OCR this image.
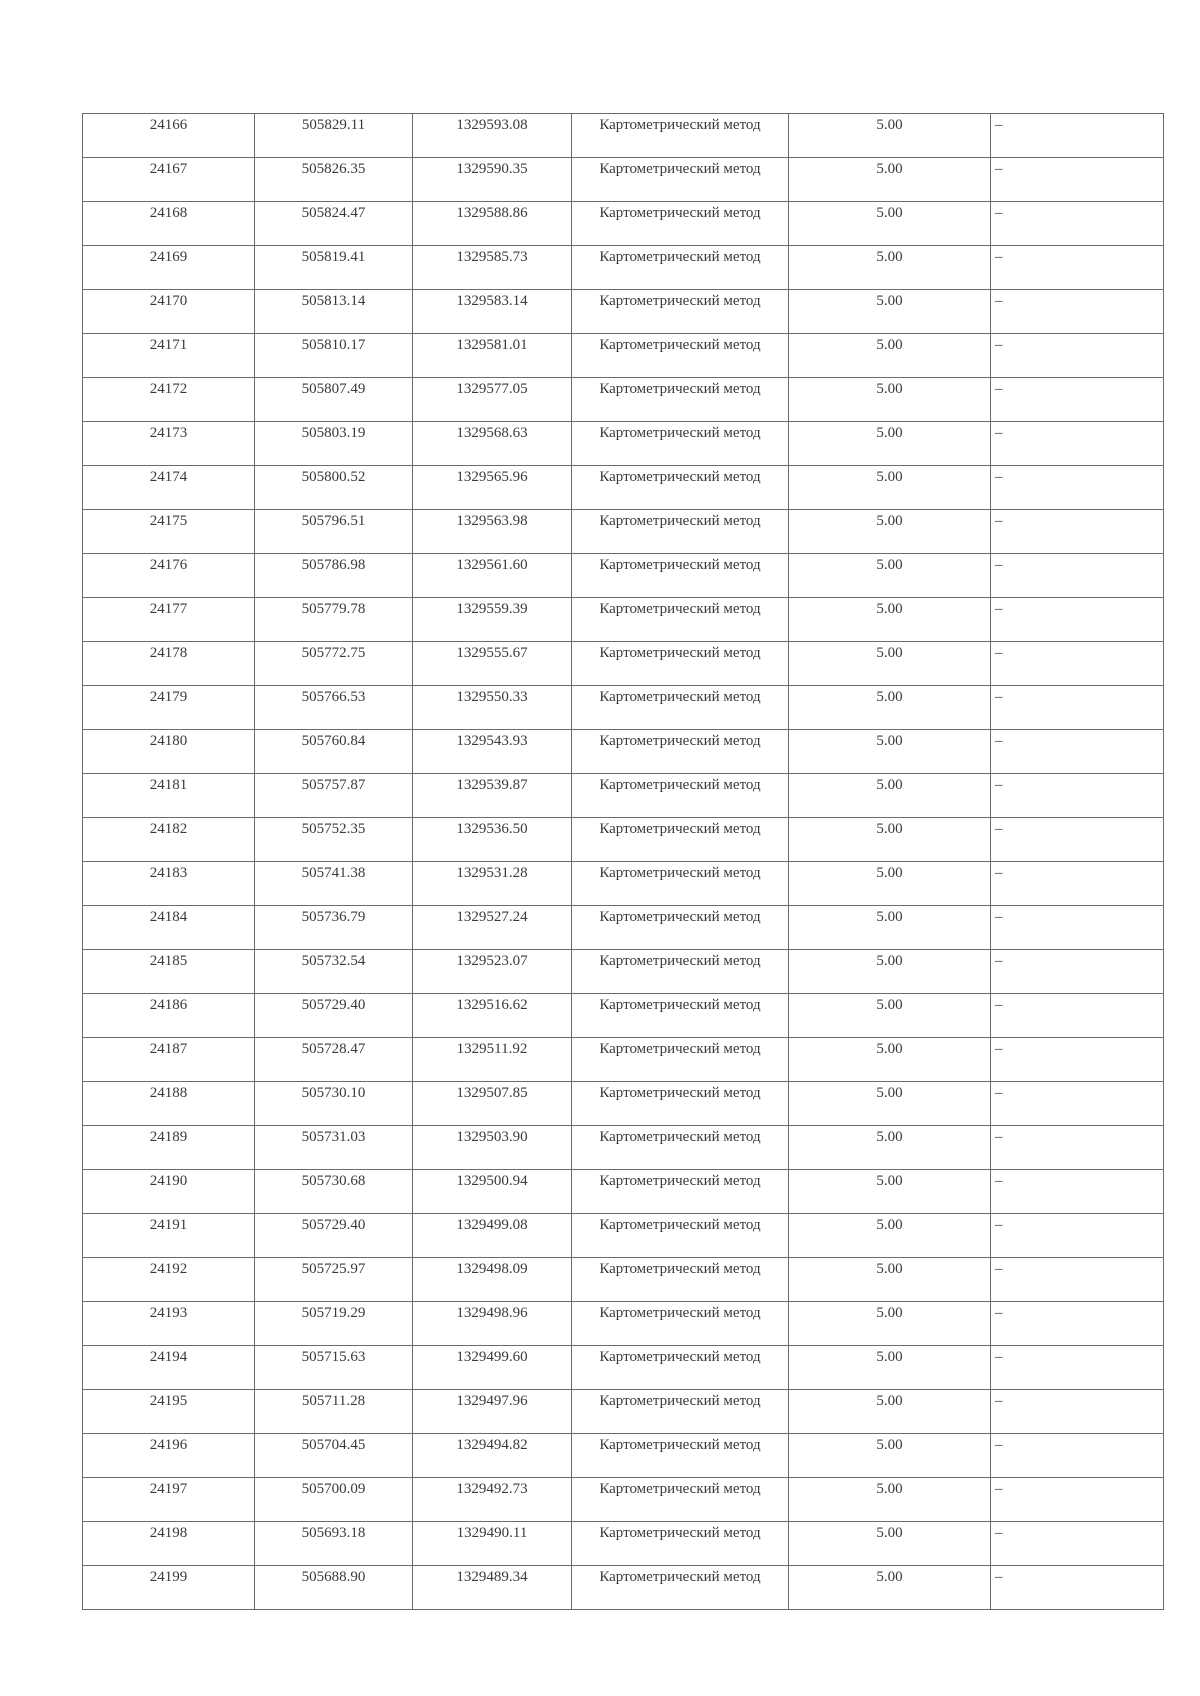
24166	505829.11	1329593.08	Картометрический метод	5.00	–
24167	505826.35	1329590.35	Картометрический метод	5.00	–
24168	505824.47	1329588.86	Картометрический метод	5.00	–
24169	505819.41	1329585.73	Картометрический метод	5.00	–
24170	505813.14	1329583.14	Картометрический метод	5.00	–
24171	505810.17	1329581.01	Картометрический метод	5.00	–
24172	505807.49	1329577.05	Картометрический метод	5.00	–
24173	505803.19	1329568.63	Картометрический метод	5.00	–
24174	505800.52	1329565.96	Картометрический метод	5.00	–
24175	505796.51	1329563.98	Картометрический метод	5.00	–
24176	505786.98	1329561.60	Картометрический метод	5.00	–
24177	505779.78	1329559.39	Картометрический метод	5.00	–
24178	505772.75	1329555.67	Картометрический метод	5.00	–
24179	505766.53	1329550.33	Картометрический метод	5.00	–
24180	505760.84	1329543.93	Картометрический метод	5.00	–
24181	505757.87	1329539.87	Картометрический метод	5.00	–
24182	505752.35	1329536.50	Картометрический метод	5.00	–
24183	505741.38	1329531.28	Картометрический метод	5.00	–
24184	505736.79	1329527.24	Картометрический метод	5.00	–
24185	505732.54	1329523.07	Картометрический метод	5.00	–
24186	505729.40	1329516.62	Картометрический метод	5.00	–
24187	505728.47	1329511.92	Картометрический метод	5.00	–
24188	505730.10	1329507.85	Картометрический метод	5.00	–
24189	505731.03	1329503.90	Картометрический метод	5.00	–
24190	505730.68	1329500.94	Картометрический метод	5.00	–
24191	505729.40	1329499.08	Картометрический метод	5.00	–
24192	505725.97	1329498.09	Картометрический метод	5.00	–
24193	505719.29	1329498.96	Картометрический метод	5.00	–
24194	505715.63	1329499.60	Картометрический метод	5.00	–
24195	505711.28	1329497.96	Картометрический метод	5.00	–
24196	505704.45	1329494.82	Картометрический метод	5.00	–
24197	505700.09	1329492.73	Картометрический метод	5.00	–
24198	505693.18	1329490.11	Картометрический метод	5.00	–
24199	505688.90	1329489.34	Картометрический метод	5.00	–
